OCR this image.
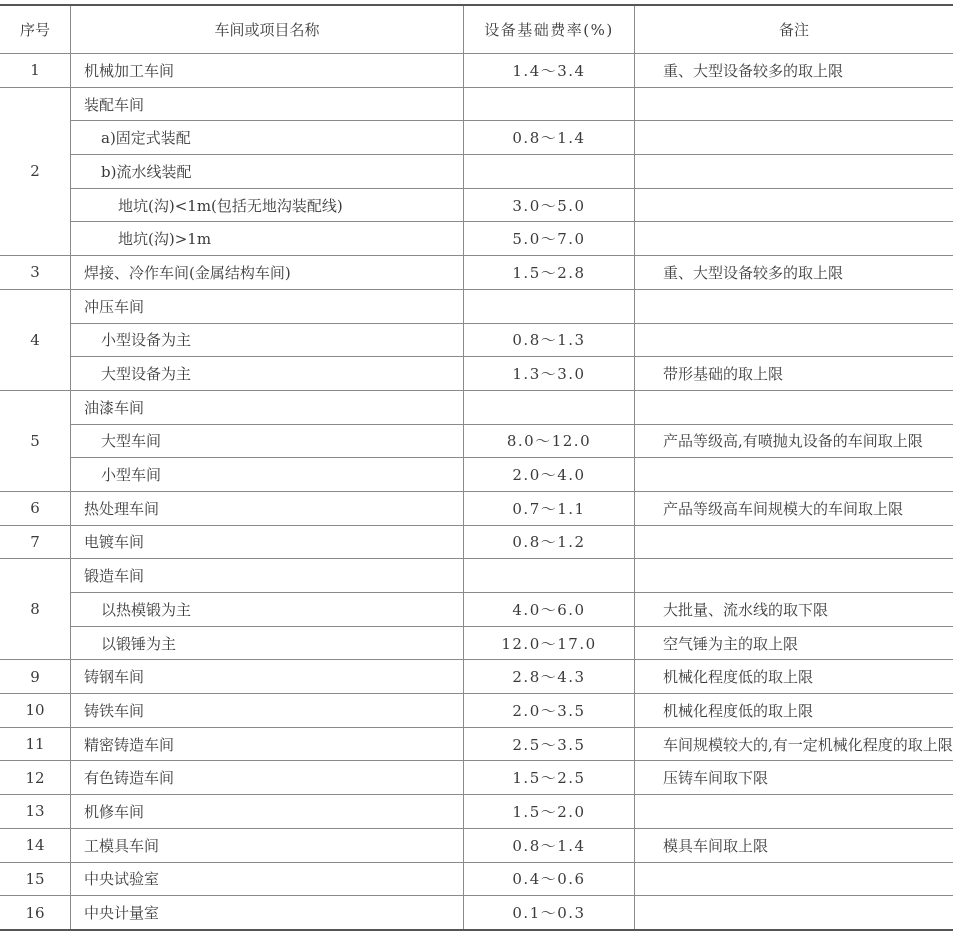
序号	车间或项目名称	设备基础费率(%)	备注
1	机械加工车间	1.4～3.4	重、大型设备较多的取上限
2	装配车间		
	a)固定式装配	0.8～1.4	
	b)流水线装配		
	地坑(沟)<1m(包括无地沟装配线)	3.0～5.0	
	地坑(沟)>1m	5.0～7.0	
3	焊接、冷作车间(金属结构车间)	1.5～2.8	重、大型设备较多的取上限
4	冲压车间		
	小型设备为主	0.8～1.3	
	大型设备为主	1.3～3.0	带形基础的取上限
5	油漆车间		
	大型车间	8.0～12.0	产品等级高,有喷抛丸设备的车间取上限
	小型车间	2.0～4.0	
6	热处理车间	0.7～1.1	产品等级高车间规模大的车间取上限
7	电镀车间	0.8～1.2	
8	锻造车间		
	以热模锻为主	4.0～6.0	大批量、流水线的取下限
	以锻锤为主	12.0～17.0	空气锤为主的取上限
9	铸钢车间	2.8～4.3	机械化程度低的取上限
10	铸铁车间	2.0～3.5	机械化程度低的取上限
11	精密铸造车间	2.5～3.5	车间规模较大的,有一定机械化程度的取上限
12	有色铸造车间	1.5～2.5	压铸车间取下限
13	机修车间	1.5～2.0	
14	工模具车间	0.8～1.4	模具车间取上限
15	中央试验室	0.4～0.6	
16	中央计量室	0.1～0.3	
